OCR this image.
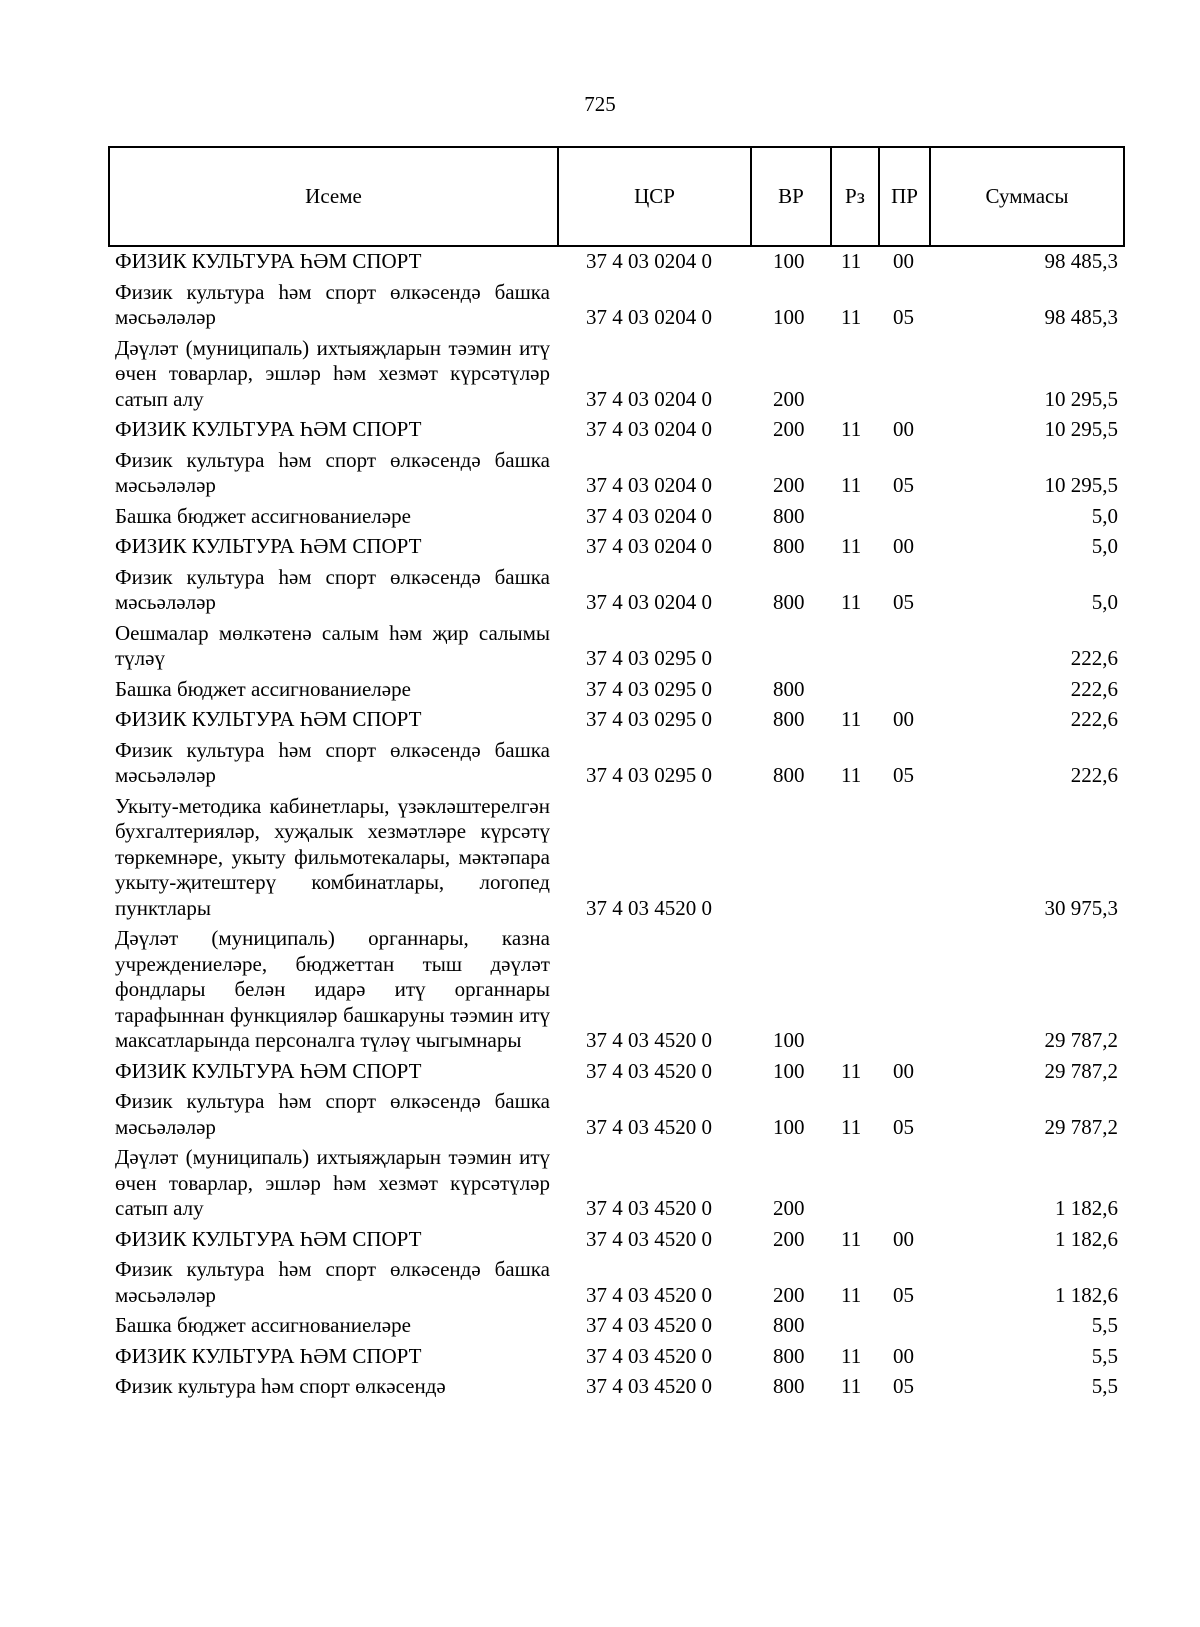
725
Исеме	ЦСР	ВР	Рз	ПР	Суммасы
ФИЗИК КУЛЬТУРА ҺӘМ СПОРТ	37 4 03 0204 0	100	11	00	98 485,3
Физик культура һәм спорт өлкәсендә башка мәсьәләләр	37 4 03 0204 0	100	11	05	98 485,3
Дәүләт (муниципаль) ихтыяҗларын тәэмин итү өчен товарлар, эшләр һәм хезмәт күрсәтүләр сатып алу	37 4 03 0204 0	200			10 295,5
ФИЗИК КУЛЬТУРА ҺӘМ СПОРТ	37 4 03 0204 0	200	11	00	10 295,5
Физик культура һәм спорт өлкәсендә башка мәсьәләләр	37 4 03 0204 0	200	11	05	10 295,5
Башка бюджет ассигнованиеләре	37 4 03 0204 0	800			5,0
ФИЗИК КУЛЬТУРА ҺӘМ СПОРТ	37 4 03 0204 0	800	11	00	5,0
Физик культура һәм спорт өлкәсендә башка мәсьәләләр	37 4 03 0204 0	800	11	05	5,0
Оешмалар мөлкәтенә салым һәм җир салымы түләү	37 4 03 0295 0				222,6
Башка бюджет ассигнованиеләре	37 4 03 0295 0	800			222,6
ФИЗИК КУЛЬТУРА ҺӘМ СПОРТ	37 4 03 0295 0	800	11	00	222,6
Физик культура һәм спорт өлкәсендә башка мәсьәләләр	37 4 03 0295 0	800	11	05	222,6
Укыту-методика кабинетлары, үзәкләштерелгән бухгалтерияләр, хуҗалык хезмәтләре күрсәтү төркемнәре, укыту фильмотекалары, мәктәпара укыту-җитештерү комбинатлары, логопед пунктлары	37 4 03 4520 0				30 975,3
Дәүләт (муниципаль) органнары, казна учреждениеләре, бюджеттан тыш дәүләт фондлары белән идарә итү органнары тарафыннан функцияләр башкаруны тәэмин итү максатларында персоналга түләү чыгымнары	37 4 03 4520 0	100			29 787,2
ФИЗИК КУЛЬТУРА ҺӘМ СПОРТ	37 4 03 4520 0	100	11	00	29 787,2
Физик культура һәм спорт өлкәсендә башка мәсьәләләр	37 4 03 4520 0	100	11	05	29 787,2
Дәүләт (муниципаль) ихтыяҗларын тәэмин итү өчен товарлар, эшләр һәм хезмәт күрсәтүләр сатып алу	37 4 03 4520 0	200			1 182,6
ФИЗИК КУЛЬТУРА ҺӘМ СПОРТ	37 4 03 4520 0	200	11	00	1 182,6
Физик культура һәм спорт өлкәсендә башка мәсьәләләр	37 4 03 4520 0	200	11	05	1 182,6
Башка бюджет ассигнованиеләре	37 4 03 4520 0	800			5,5
ФИЗИК КУЛЬТУРА ҺӘМ СПОРТ	37 4 03 4520 0	800	11	00	5,5
Физик культура һәм спорт өлкәсендә	37 4 03 4520 0	800	11	05	5,5
